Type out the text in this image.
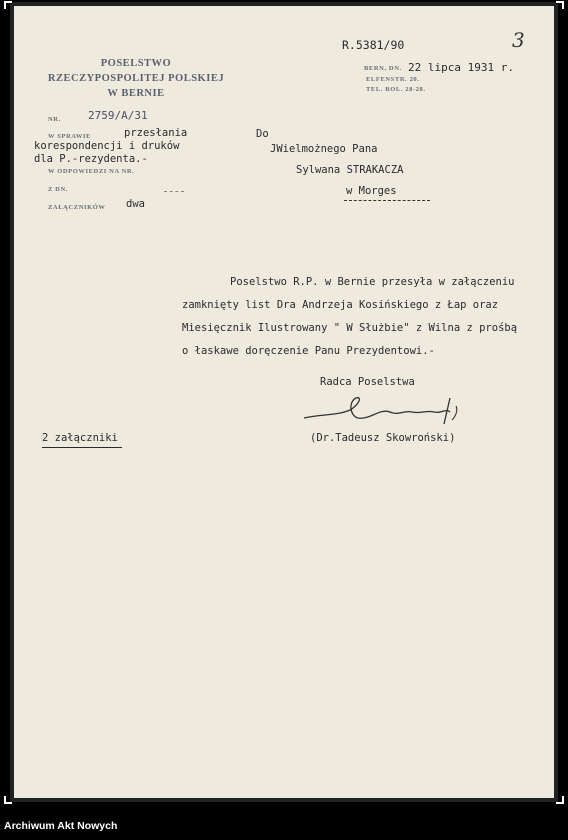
POSELSTWO
RZECZYPOSPOLITEJ POLSKIEJ
W BERNIE
3
R.5381/90
BERN, DN. 22 lipca 1931 r.
ELFENSTR. 20.
TEL. BOL. 28-28.
NR. 2759/A/31
W SPRAWIE	przesłania
korespondencji i druków
dla P.-rezydenta.-
W ODPOWIEDZI NA NR.
Z DN.
ZAŁĄCZNIKÓW dwa
Do
JWielmożnego Pana
Sylwana STRAKACZA
w Morges
Poselstwo R.P. w Bernie przesyła w załączeniu
zamknięty list Dra Andrzeja Kosińskiego z Łap oraz
Miesięcznik Ilustrowany " W Służbie" z Wilna z prośbą
o łaskawe doręczenie Panu Prezydentowi.-
Radca Poselstwa
(Dr.Tadeusz Skowroński)
2 załączniki
Archiwum Akt Nowych
